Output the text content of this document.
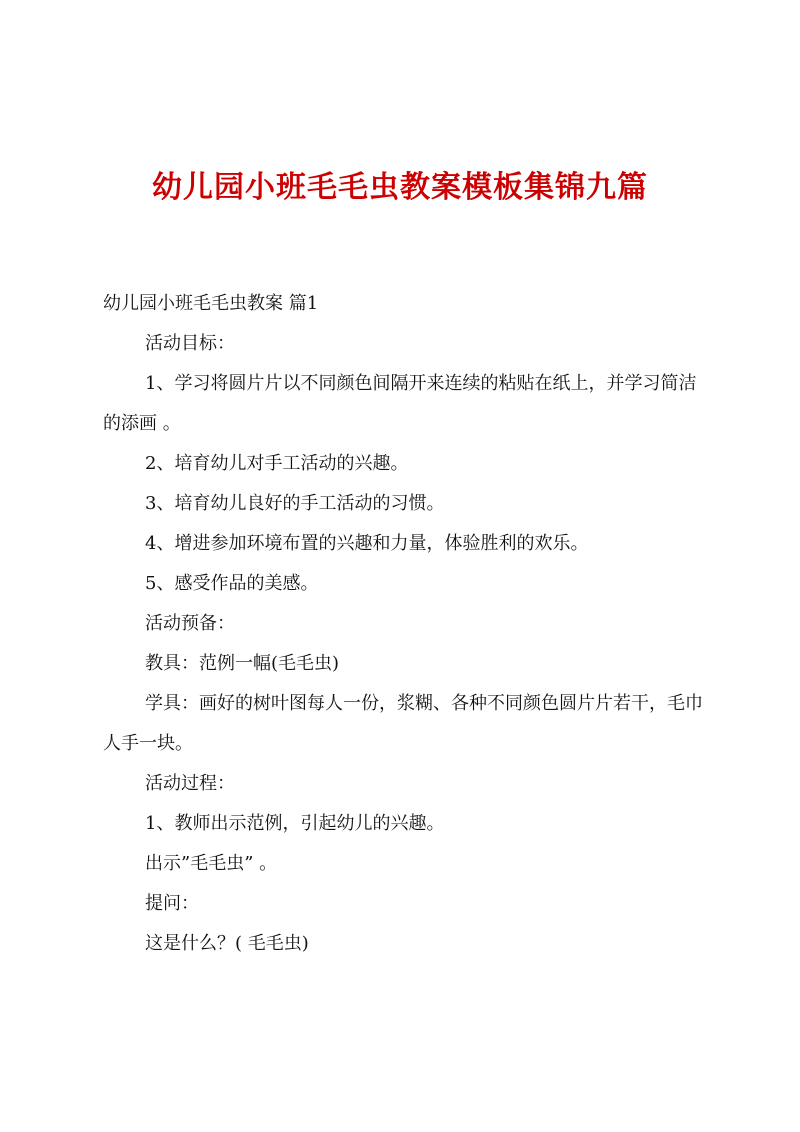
幼儿园小班毛毛虫教案模板集锦九篇
幼儿园小班毛毛虫教案 篇1
活动目标：
1、学习将圆片片以不同颜色间隔开来连续的粘贴在纸上，并学习简洁的添画 。
2、培育幼儿对手工活动的兴趣。
3、培育幼儿良好的手工活动的习惯。
4、增进参加环境布置的兴趣和力量，体验胜利的欢乐。
5、感受作品的美感。
活动预备：
教具：范例一幅(毛毛虫)
学具：画好的树叶图每人一份，浆糊、各种不同颜色圆片片若干，毛巾人手一块。
活动过程：
1、教师出示范例，引起幼儿的兴趣。
出示”毛毛虫” 。
提问：
这是什么？( 毛毛虫)
